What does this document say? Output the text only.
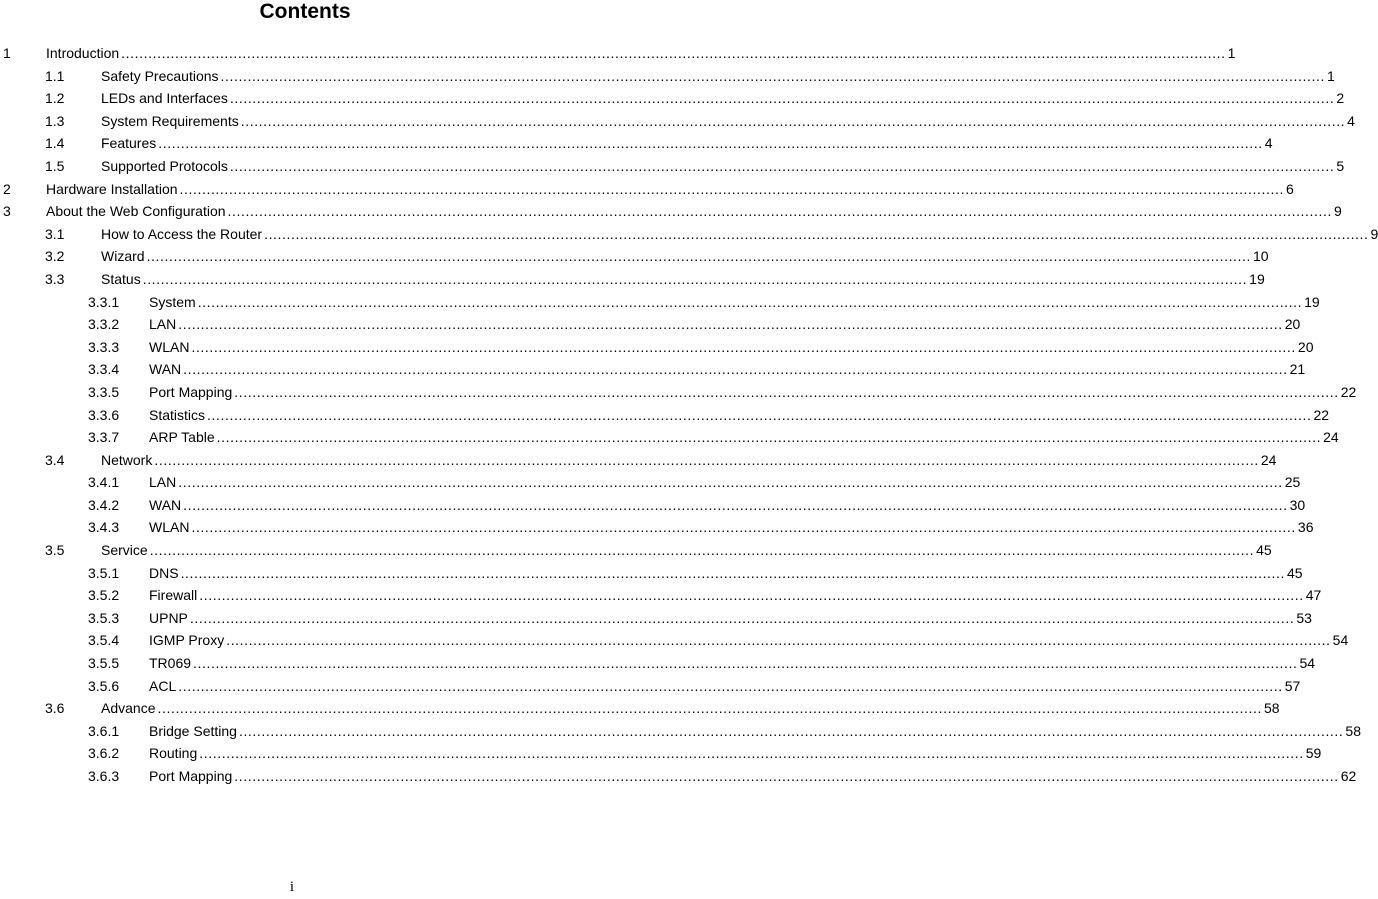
Contents
1	Introduction .....	1
1.1	Safety Precautions .....	1
1.2	LEDs and Interfaces .....	2
1.3	System Requirements .....	4
1.4	Features .....	4
1.5	Supported Protocols .....	5
2	Hardware Installation .....	6
3	About the Web Configuration .....	9
3.1	How to Access the Router .....	9
3.2	Wizard .....	10
3.3	Status .....	19
3.3.1 System .....	19
3.3.2 LAN .....	20
3.3.3 WLAN .....	20
3.3.4 WAN .....	21
3.3.5 Port Mapping .....	22
3.3.6 Statistics .....	22
3.3.7 ARP Table .....	24
3.4	Network .....	24
3.4.1 LAN .....	25
3.4.2 WAN .....	30
3.4.3 WLAN .....	36
3.5	Service .....	45
3.5.1 DNS .....	45
3.5.2 Firewall .....	47
3.5.3 UPNP .....	53
3.5.4 IGMP Proxy .....	54
3.5.5 TR069 .....	54
3.5.6 ACL .....	57
3.6	Advance .....	58
3.6.1 Bridge Setting .....	58
3.6.2 Routing .....	59
3.6.3 Port Mapping .....	62
i
